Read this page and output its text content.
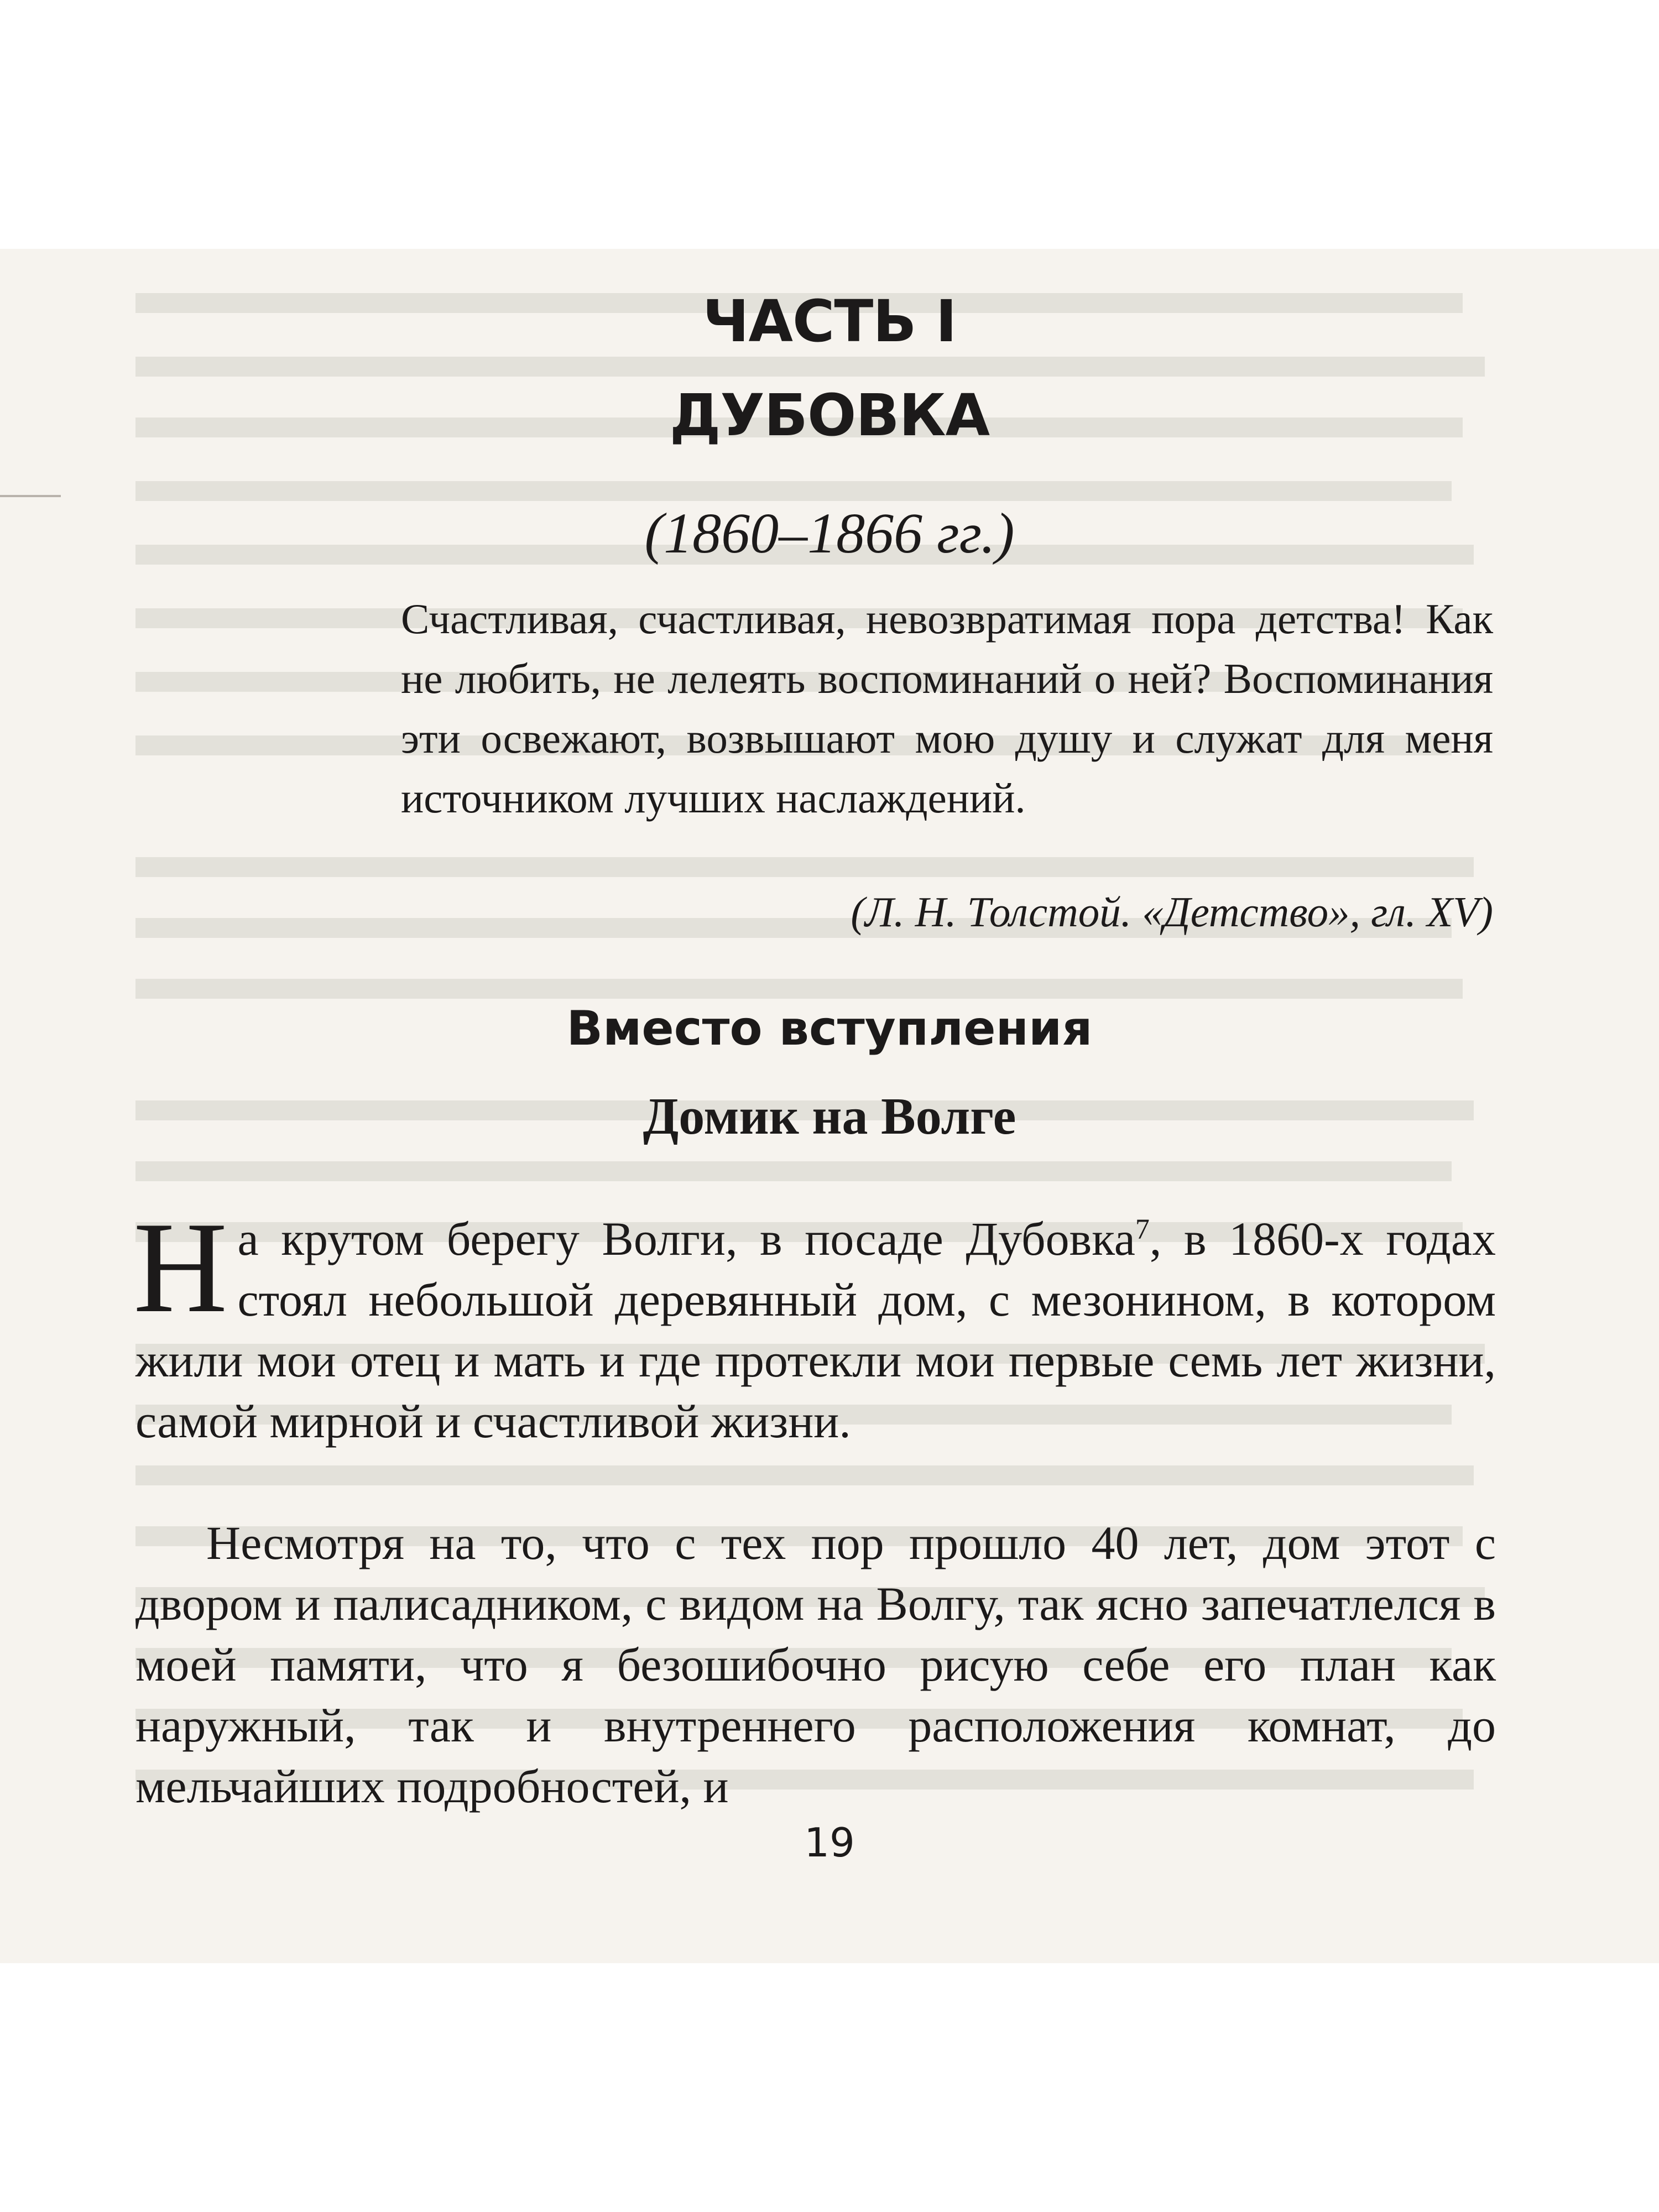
ЧАСТЬ I
ДУБОВКА
(1860–1866 гг.)

Счастливая, счастливая, невозвратимая пора детства! Как не любить, не лелеять воспоминаний о ней? Воспоминания эти освежают, возвышают мою душу и служат для меня источником лучших наслаждений.

(Л. Н. Толстой. «Детство», гл. XV)
Вместо вступления
Домик на Волге

На крутом берегу Волги, в посаде Дубовка$^7$, в 1860-х годах стоял небольшой деревянный дом, с мезонином, в котором жили мои отец и мать и где протекли мои первые семь лет жизни, самой мирной и счастливой жизни.

Несмотря на то, что с тех пор прошло 40 лет, дом этот с двором и палисадником, с видом на Волгу, так ясно запечатлелся в моей памяти, что я безошибочно рисую себе его план как наружный, так и внутреннего расположения комнат, до мельчайших подробностей, и

19
